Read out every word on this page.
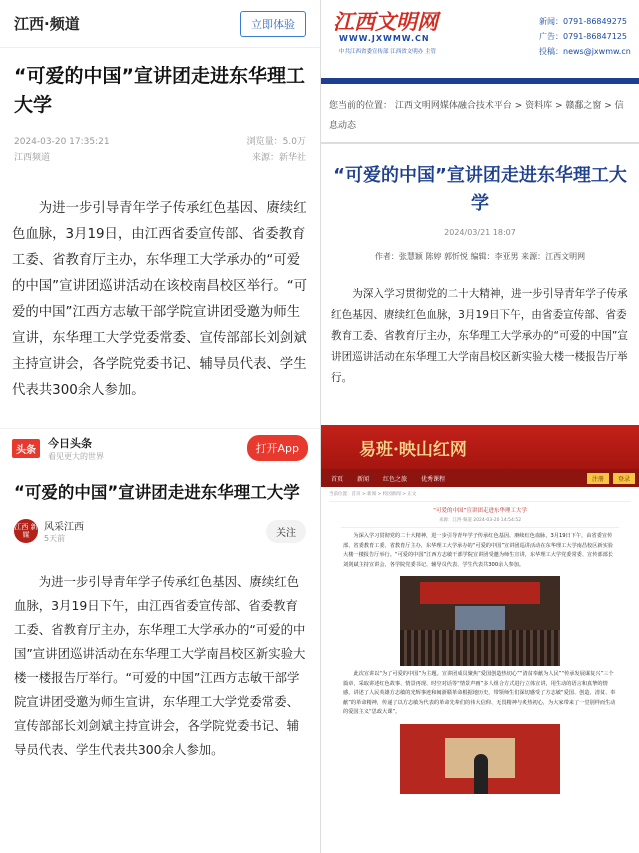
江西·频道	立即体验
“可爱的中国”宣讲团走进东华理工大学
2024-03-20 17:35:21	浏览量：5.0万
江西频道	来源：新华社
为进一步引导青年学子传承红色基因、赓续红色血脉，3月19日，由江西省委宣传部、省委教育工委、省教育厅主办，东华理工大学承办的“可爱的中国”宣讲团巡讲活动在该校南昌校区举行。“可爱的中国”江西方志敏干部学院宣讲团受邀为师生宣讲，东华理工大学党委常委、宣传部部长刘剑斌主持宣讲会，各学院党委书记、辅导员代表、学生代表共300余人参加。
头条
今日头条
看见更大的世界
打开App
“可爱的中国”宣讲团走进东华理工大学
江西 新媒
风采江西
5天前	关注
为进一步引导青年学子传承红色基因、赓续红色血脉，3月19日下午，由江西省委宣传部、省委教育工委、省教育厅主办，东华理工大学承办的“可爱的中国”宣讲团巡讲活动在东华理工大学南昌校区新实验大楼一楼报告厅举行。“可爱的中国”江西方志敏干部学院宣讲团受邀为师生宣讲，东华理工大学党委常委、宣传部部长刘剑斌主持宣讲会，各学院党委书记、辅导员代表、学生代表共300余人参加。
江西文明网
WWW.JXWMW.CN
中共江西省委宣传部 江西省文明办 主管
新闻：0791-86849275
广告：0791-86847125
投稿：news@jxwmw.cn
您当前的位置： 江西文明网媒体融合技术平台 > 资料库 > 赣鄱之窗 > 信息动态
“可爱的中国”宣讲团走进东华理工大学
2024/03/21 18:07
作者：张慧颖 陈婷 郭忻悦 编辑：李亚男 来源：江西文明网
为深入学习贯彻党的二十大精神，进一步引导青年学子传承红色基因、赓续红色血脉，3月19日下午，由省委宣传部、省委教育工委、省教育厅主办，东华理工大学承办的“可爱的中国”宣讲团巡讲活动在东华理工大学南昌校区新实验大楼一楼报告厅举行。
易班·映山红网
首页 新闻 红色之旅 优秀课程	注册	登录
当前位置：首页 > 新闻 > 校园新闻 > 正文
“可爱的中国”宣讲团走进东华理工大学
来源：江西·频道 2024-03-20 14:54:52
为深入学习贯彻党的二十大精神，进一步引导青年学子传承红色基因、赓续红色血脉，3月19日下午，由省委宣传部、省委教育工委、省教育厅主办，东华理工大学承办的“可爱的中国”宣讲团巡讲活动在东华理工大学南昌校区新实验大楼一楼报告厅举行。“可爱的中国”江西方志敏干部学院宣讲团受邀为师生宣讲，东华理工大学党委常委、宣传部部长刘剑斌主持宣讲会，各学院党委书记、辅导员代表、学生代表共300余人参加。
此次宣讲以“为了可爱的中国”为主题。宣讲团成员聚焦“爱国创造热切心”“清贫奉献为人民”“传承发展谋复兴”三个篇章，采取讲述红色故事、情景再现、时空对话等“情景声画”多人组合方式进行立体宣讲，用生动的语言和真挚的情感，讲述了人民英雄方志敏的光辉事迹和闽浙赣革命根据地历史，带领师生们深切感受了方志敏“爱国、创造、清贫、奉献”的革命精神，传递了以方志敏为代表的革命先辈们的伟大信仰、无畏精神与炙热初心，为大家带来了一堂别样而生动的爱国主义“思政大课”。
